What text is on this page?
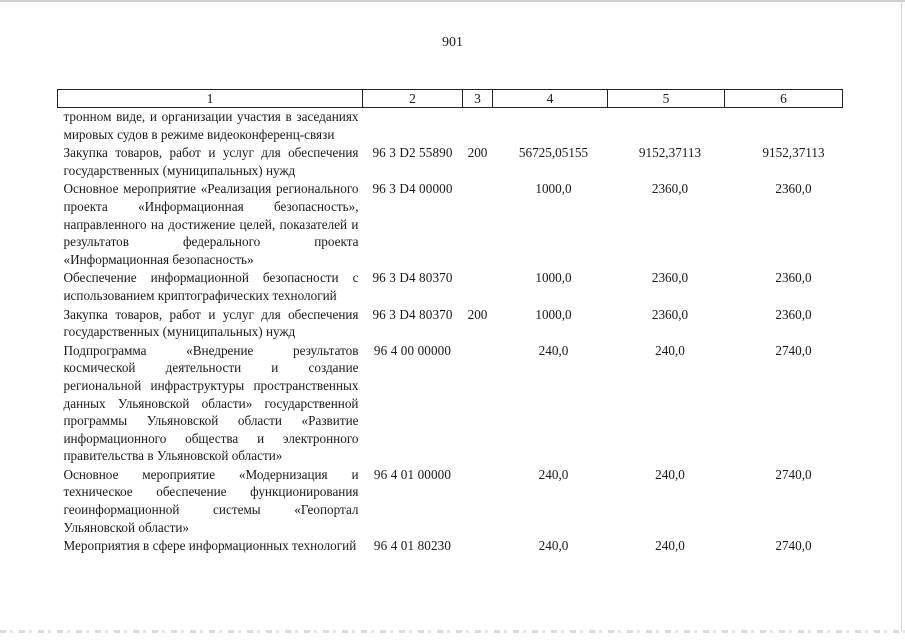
901
1	2	3	4	5	6
тронном виде, и организации участия в заседаниях мировых судов в режиме видеоконференц-связи					
Закупка товаров, работ и услуг для обеспечения государственных (муниципальных) нужд	96 3 D2 55890	200	56725,05155	9152,37113	9152,37113
Основное мероприятие «Реализация регионального проекта «Информационная безопасность», направленного на достижение целей, показателей и результатов федерального проекта «Информационная безопасность»	96 3 D4 00000		1000,0	2360,0	2360,0
Обеспечение информационной безопасности с использованием криптографических технологий	96 3 D4 80370		1000,0	2360,0	2360,0
Закупка товаров, работ и услуг для обеспечения государственных (муниципальных) нужд	96 3 D4 80370	200	1000,0	2360,0	2360,0
Подпрограмма «Внедрение результатов космической деятельности и создание региональной инфраструктуры пространственных данных Ульяновской области» государственной программы Ульяновской области «Развитие информационного общества и электронного правительства в Ульяновской области»	96 4 00 00000		240,0	240,0	2740,0
Основное мероприятие «Модернизация и техническое обеспечение функционирования геоинформационной системы «Геопортал Ульяновской области»	96 4 01 00000		240,0	240,0	2740,0
Мероприятия в сфере информационных технологий	96 4 01 80230		240,0	240,0	2740,0
